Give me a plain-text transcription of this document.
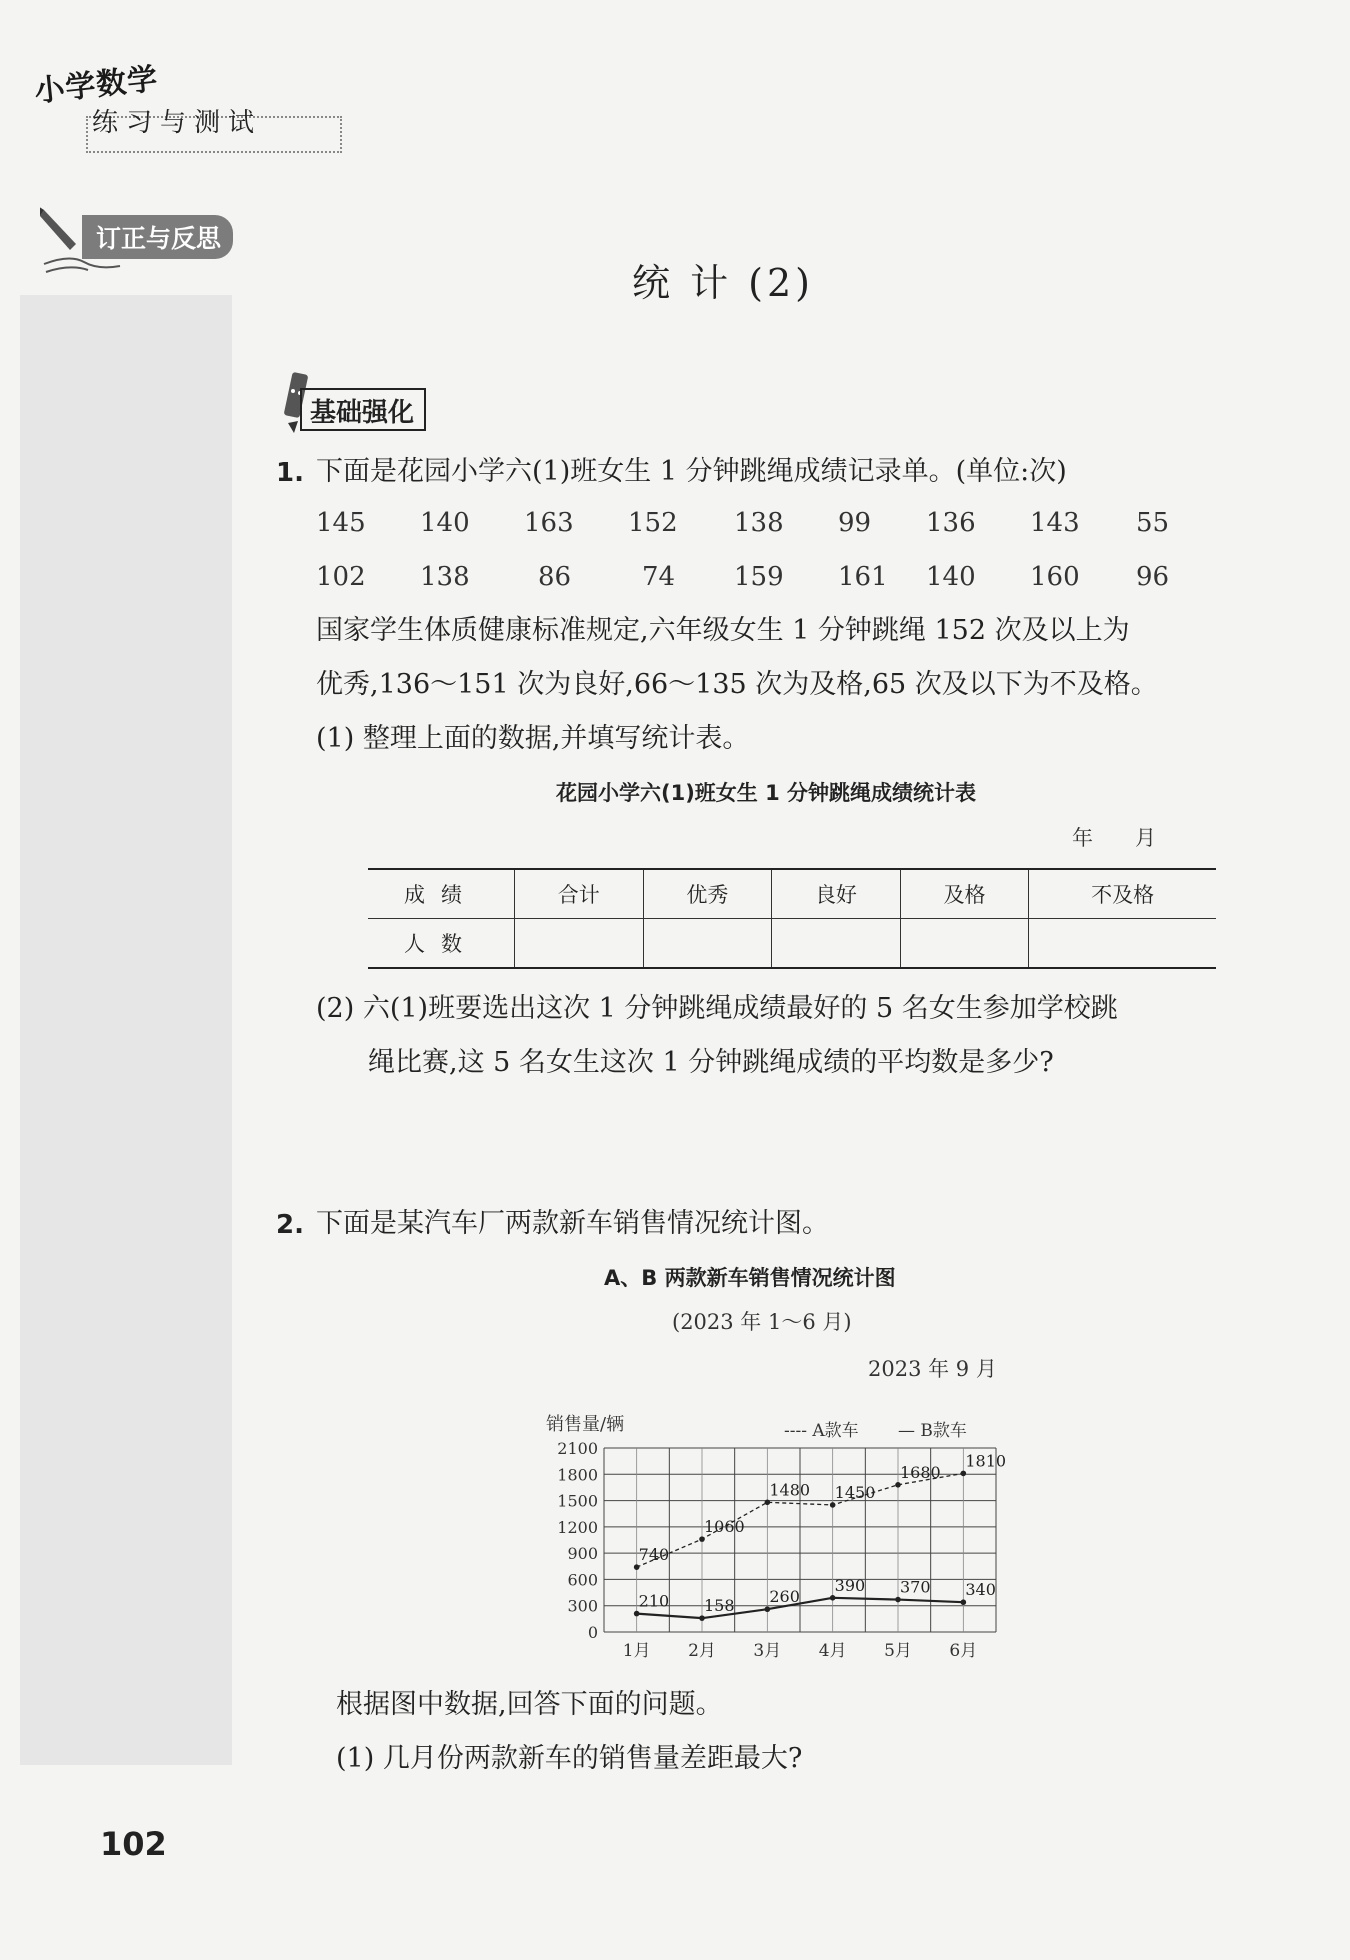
小学数学
练习与测试
订正与反思
统 计 (2)
基础强化
1. 下面是花园小学六(1)班女生 1 分钟跳绳成绩记录单。(单位:次)
145 140 163 152 138 99 136 143 55
102 138	86	74 159 161 140 160 96
国家学生体质健康标准规定,六年级女生 1 分钟跳绳 152 次及以上为
优秀,136～151 次为良好,66～135 次为及格,65 次及以下为不及格。
(1) 整理上面的数据,并填写统计表。
花园小学六(1)班女生 1 分钟跳绳成绩统计表
年　　月
成绩	合计	优秀	良好	及格	不及格
人数					
(2) 六(1)班要选出这次 1 分钟跳绳成绩最好的 5 名女生参加学校跳
绳比赛,这 5 名女生这次 1 分钟跳绳成绩的平均数是多少?
2. 下面是某汽车厂两款新车销售情况统计图。
A、B 两款新车销售情况统计图
(2023 年 1～6 月)
2023 年 9 月
销售量/辆	---- A款车 — B款车
0
300
600
900
1200
1500
1800
2100
1月 2月 3月 4月 5月 6月
740
1060
1480 1450
1680
1810
210 158 260
390 370 340
根据图中数据,回答下面的问题。
(1) 几月份两款新车的销售量差距最大?
102
